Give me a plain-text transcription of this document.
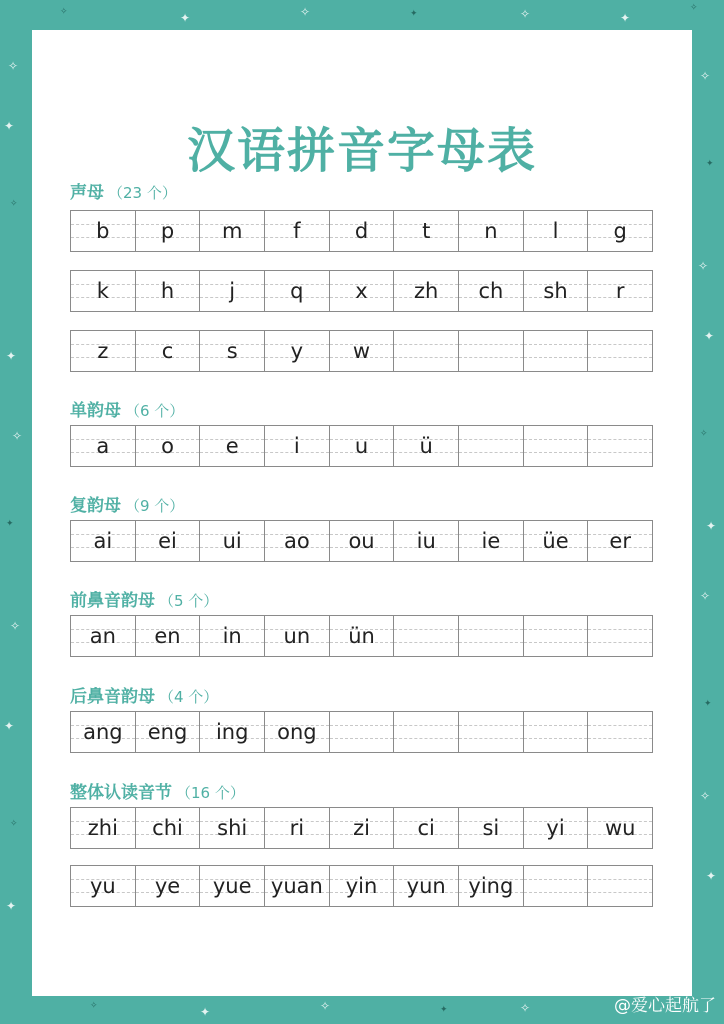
汉语拼音字母表
声母 （23 个）
b p m f	d	t	n	l	g
k h	j	q x zh ch sh r
z	c	s	y w
单韵母 （6 个）
a o e	i	u ü
复韵母 （9 个）
ai ei ui ao ou iu ie üe er
前鼻音韵母 （5 个）
an en in un ün
后鼻音韵母 （4 个）
ang eng ing ong
整体认读音节 （16 个）
zhi chi shi ri zi ci si yi wu
yu ye yue yuan yin yun ying
@爱心起航了
✧	✦	✧	✦	✧	✦
✧
✧
✦
✧
✦
✧
✦
✧
✦
✧
✦
✧
✦
✧
✦
✧
✦
✧
✦
✧
✦
✧	✦	✧	✦	✧
